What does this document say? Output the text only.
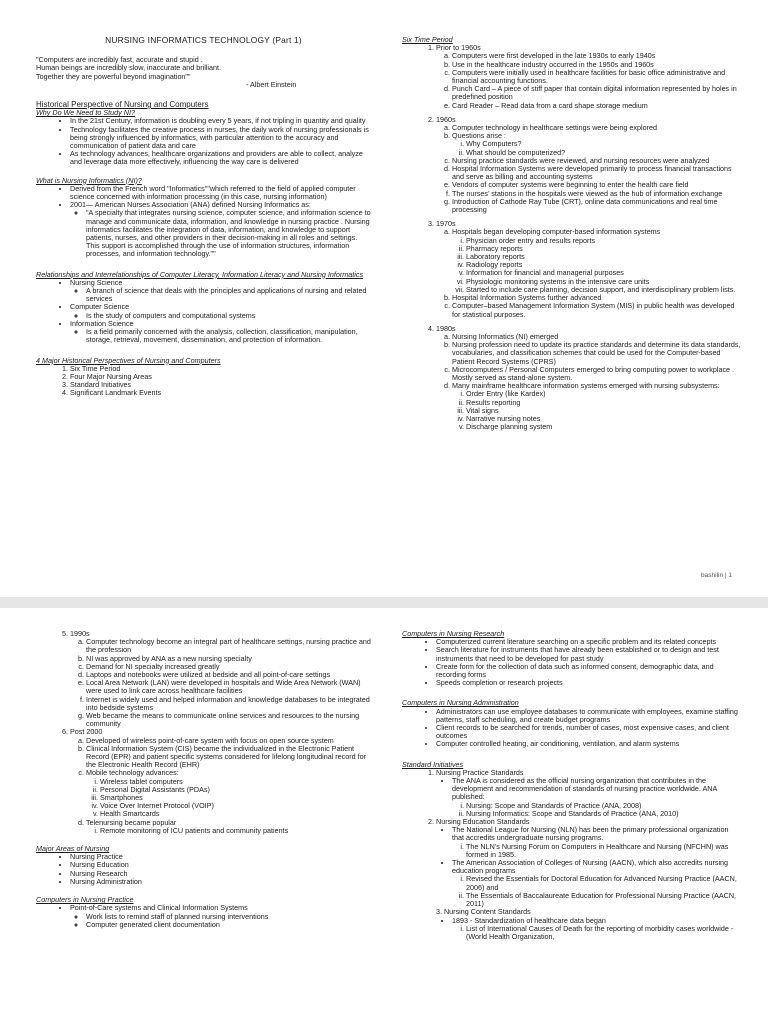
NURSING INFORMATICS TECHNOLOGY (Part 1)

"Computers are incredibly fast, accurate and stupid .

Human beings are incredibly slow, inaccurate and brilliant.

Together they are powerful beyond imagination""

- Albert Einstein

Historical Perspective of Nursing and Computers
Why Do We Need to Study NI?
• In the 21st Century, information is doubling every 5 years, if not tripling in quantity and quality
• Technology facilitates the creative process in nurses, the daily work of nursing professionals is being strongly influenced by informatics, with particular attention to the accuracy and communication of patient data and care
• As technology advances, healthcare organizations and providers are able to collect, analyze and leverage data more effectively, influencing the way care is delivered
What is Nursing Informatics (NI)?
• Derived from the French word "Informatics""which referred to the field of applied computer science concerned with information processing (in this case, nursing information)
• 2001— American Nurses Association (ANA) defined Nursing Informatics as:
◦ "A specialty that integrates nursing science, computer science, and information science to manage and communicate data, information, and knowledge in nursing practice . Nursing informatics facilitates the integration of data, information, and knowledge to support patients, nurses, and other providers in their decision-making in all roles and settings. This support is accomplished through the use of information structures, information processes, and information technology.""
Relationships and Interrelationships of Computer Literacy, Information Literacy and Nursing Informatics
• Nursing Science
◦ A branch of science that deals with the principles and applications of nursing and related services
• Computer Science
◦ Is the study of computers and computational systems
• Information Science
◦ Is a field primarily concerned with the analysis, collection, classification, manipulation, storage, retrieval, movement, dissemination, and protection of information.
4 Major Historical Perspectives of Nursing and Computers
1. Six Time Period
2. Four Major Nursing Areas
3. Standard Initiatives
4. Significant Landmark Events
Six Time Period
1. Prior to 1960s
a. Computers were first developed in the late 1930s to early 1940s
b. Use in the healthcare industry occurred in the 1950s and 1960s
c. Computers were initially used in healthcare facilities for basic office administrative and financial accounting functions.
d. Punch Card – A piece of stiff paper that contain digital information represented by holes in predefined position
e. Card Reader – Read data from a card shape storage medium
2. 1960s
a. Computer technology in healthcare settings were being explored
b. Questions arise :
i. Why Computers?
ii. What should be computerized?
c. Nursing practice standards were reviewed, and nursing resources were analyzed
d. Hospital Information Systems were developed primarily to process financial transactions and serve as billing and accounting systems
e. Vendors of computer systems were beginning to enter the health care field
f. The nurses’ stations in the hospitals were viewed as the hub of information exchange
g. Introduction of Cathode Ray Tube (CRT), online data communications and real time processing
3. 1970s
a. Hospitals began developing computer-based information systems
i. Physician order entry and results reports
ii. Pharmacy reports
iii. Laboratory reports
iv. Radiology reports
v. Information for financial and managerial purposes
vi. Physiologic monitoring systems in the intensive care units
vii. Started to include care planning, decision support, and interdisciplinary problem lists.
b. Hospital Information Systems further advanced
c. Computer–based Management Information System (MIS) in public health was developed for statistical purposes.
4. 1980s
a. Nursing Informatics (NI) emerged
b. Nursing profession need to update its practice standards and determine its data standards, vocabularies, and classification schemes that could be used for the Computer-based Patient Record Systems (CPRS)
c. Microcomputers / Personal Computers emerged to bring computing power to workplace . Mostly served as stand-alone system.
d. Many mainframe healthcare information systems emerged with nursing subsystems:
i. Order Entry (like Kardex)
ii. Results reporting
iii. Vital signs
iv. Narrative nursing notes
v. Discharge planning system
bashilin | 1
5. 1990s
a. Computer technology become an integral part of healthcare settings, nursing practice and the profession
b. NI was approved by ANA as a new nursing specialty
c. Demand for NI specialty increased greatly
d. Laptops and notebooks were utilized at bedside and all point-of-care settings
e. Local Area Network (LAN) were developed in hospitals and Wide Area Network (WAN) were used to link care across healthcare facilities
f. Internet is widely used and helped information and knowledge databases to be integrated into bedside systems
g. Web became the means to communicate online services and resources to the nursing community
6. Post 2000
a. Developed of wireless point-of-care system with focus on open source system
b. Clinical Information System (CIS) became the individualized in the Electronic Patient Record (EPR) and patient specific systems considered for lifelong longitudinal record for the Electronic Health Record (EHR)
c. Mobile technology advances:
i. Wireless tablet computers
ii. Personal Digital Assistants (PDAs)
iii. Smartphones
iv. Voice Over Internet Protocol (VOIP)
v. Health Smartcards
d. Telenursing became popular
i. Remote monitoring of ICU patients and community patients
Major Areas of Nursing
• Nursing Practice
• Nursing Education
• Nursing Research
• Nursing Administration
Computers in Nursing Practice
• Point-of-Care systems and Clinical Information Systems
◦ Work lists to remind staff of planned nursing interventions
◦ Computer generated client documentation
Computers in Nursing Research
• Computerized current literature searching on a specific problem and its related concepts
• Search literature for instruments that have already been established or to design and test instruments that need to be developed for past study
• Create form for the collection of data such as informed consent, demographic data, and recording forms
• Speeds completion or research projects
Computers in Nursing Administration
• Administrators can use employee databases to communicate with employees, examine staffing patterns, staff scheduling, and create budget programs
• Client records to be searched for trends, number of cases, most expensive cases, and client outcomes
• Computer controlled heating, air conditioning, ventilation, and alarm systems
Standard Initiatives
1. Nursing Practice Standards
• The ANA is considered as the official nursing organization that contributes in the development and recommendation of standards of nursing practice worldwide. ANA published:
i. Nursing: Scope and Standards of Practice (ANA, 2008)
ii. Nursing Informatics: Scope and Standards of Practice (ANA, 2010)
2. Nursing Education Standards
• The National League for Nursing (NLN) has been the primary professional organization that accredits undergraduate nursing programs.
i. The NLN’s Nursing Forum on Computers in Healthcare and Nursing (NFCHN) was formed in 1985.
• The American Association of Colleges of Nursing (AACN), which also accredits nursing education programs
i. Revised the Essentials for Doctoral Education for Advanced Nursing Practice (AACN, 2006) and
ii. The Essentials of Baccalaureate Education for Professional Nursing Practice (AACN, 2011)
3. Nursing Content Standards
• 1893 - Standardization of healthcare data began
i. List of International Causes of Death for the reporting of morbidity cases worldwide - (World Health Organization,
